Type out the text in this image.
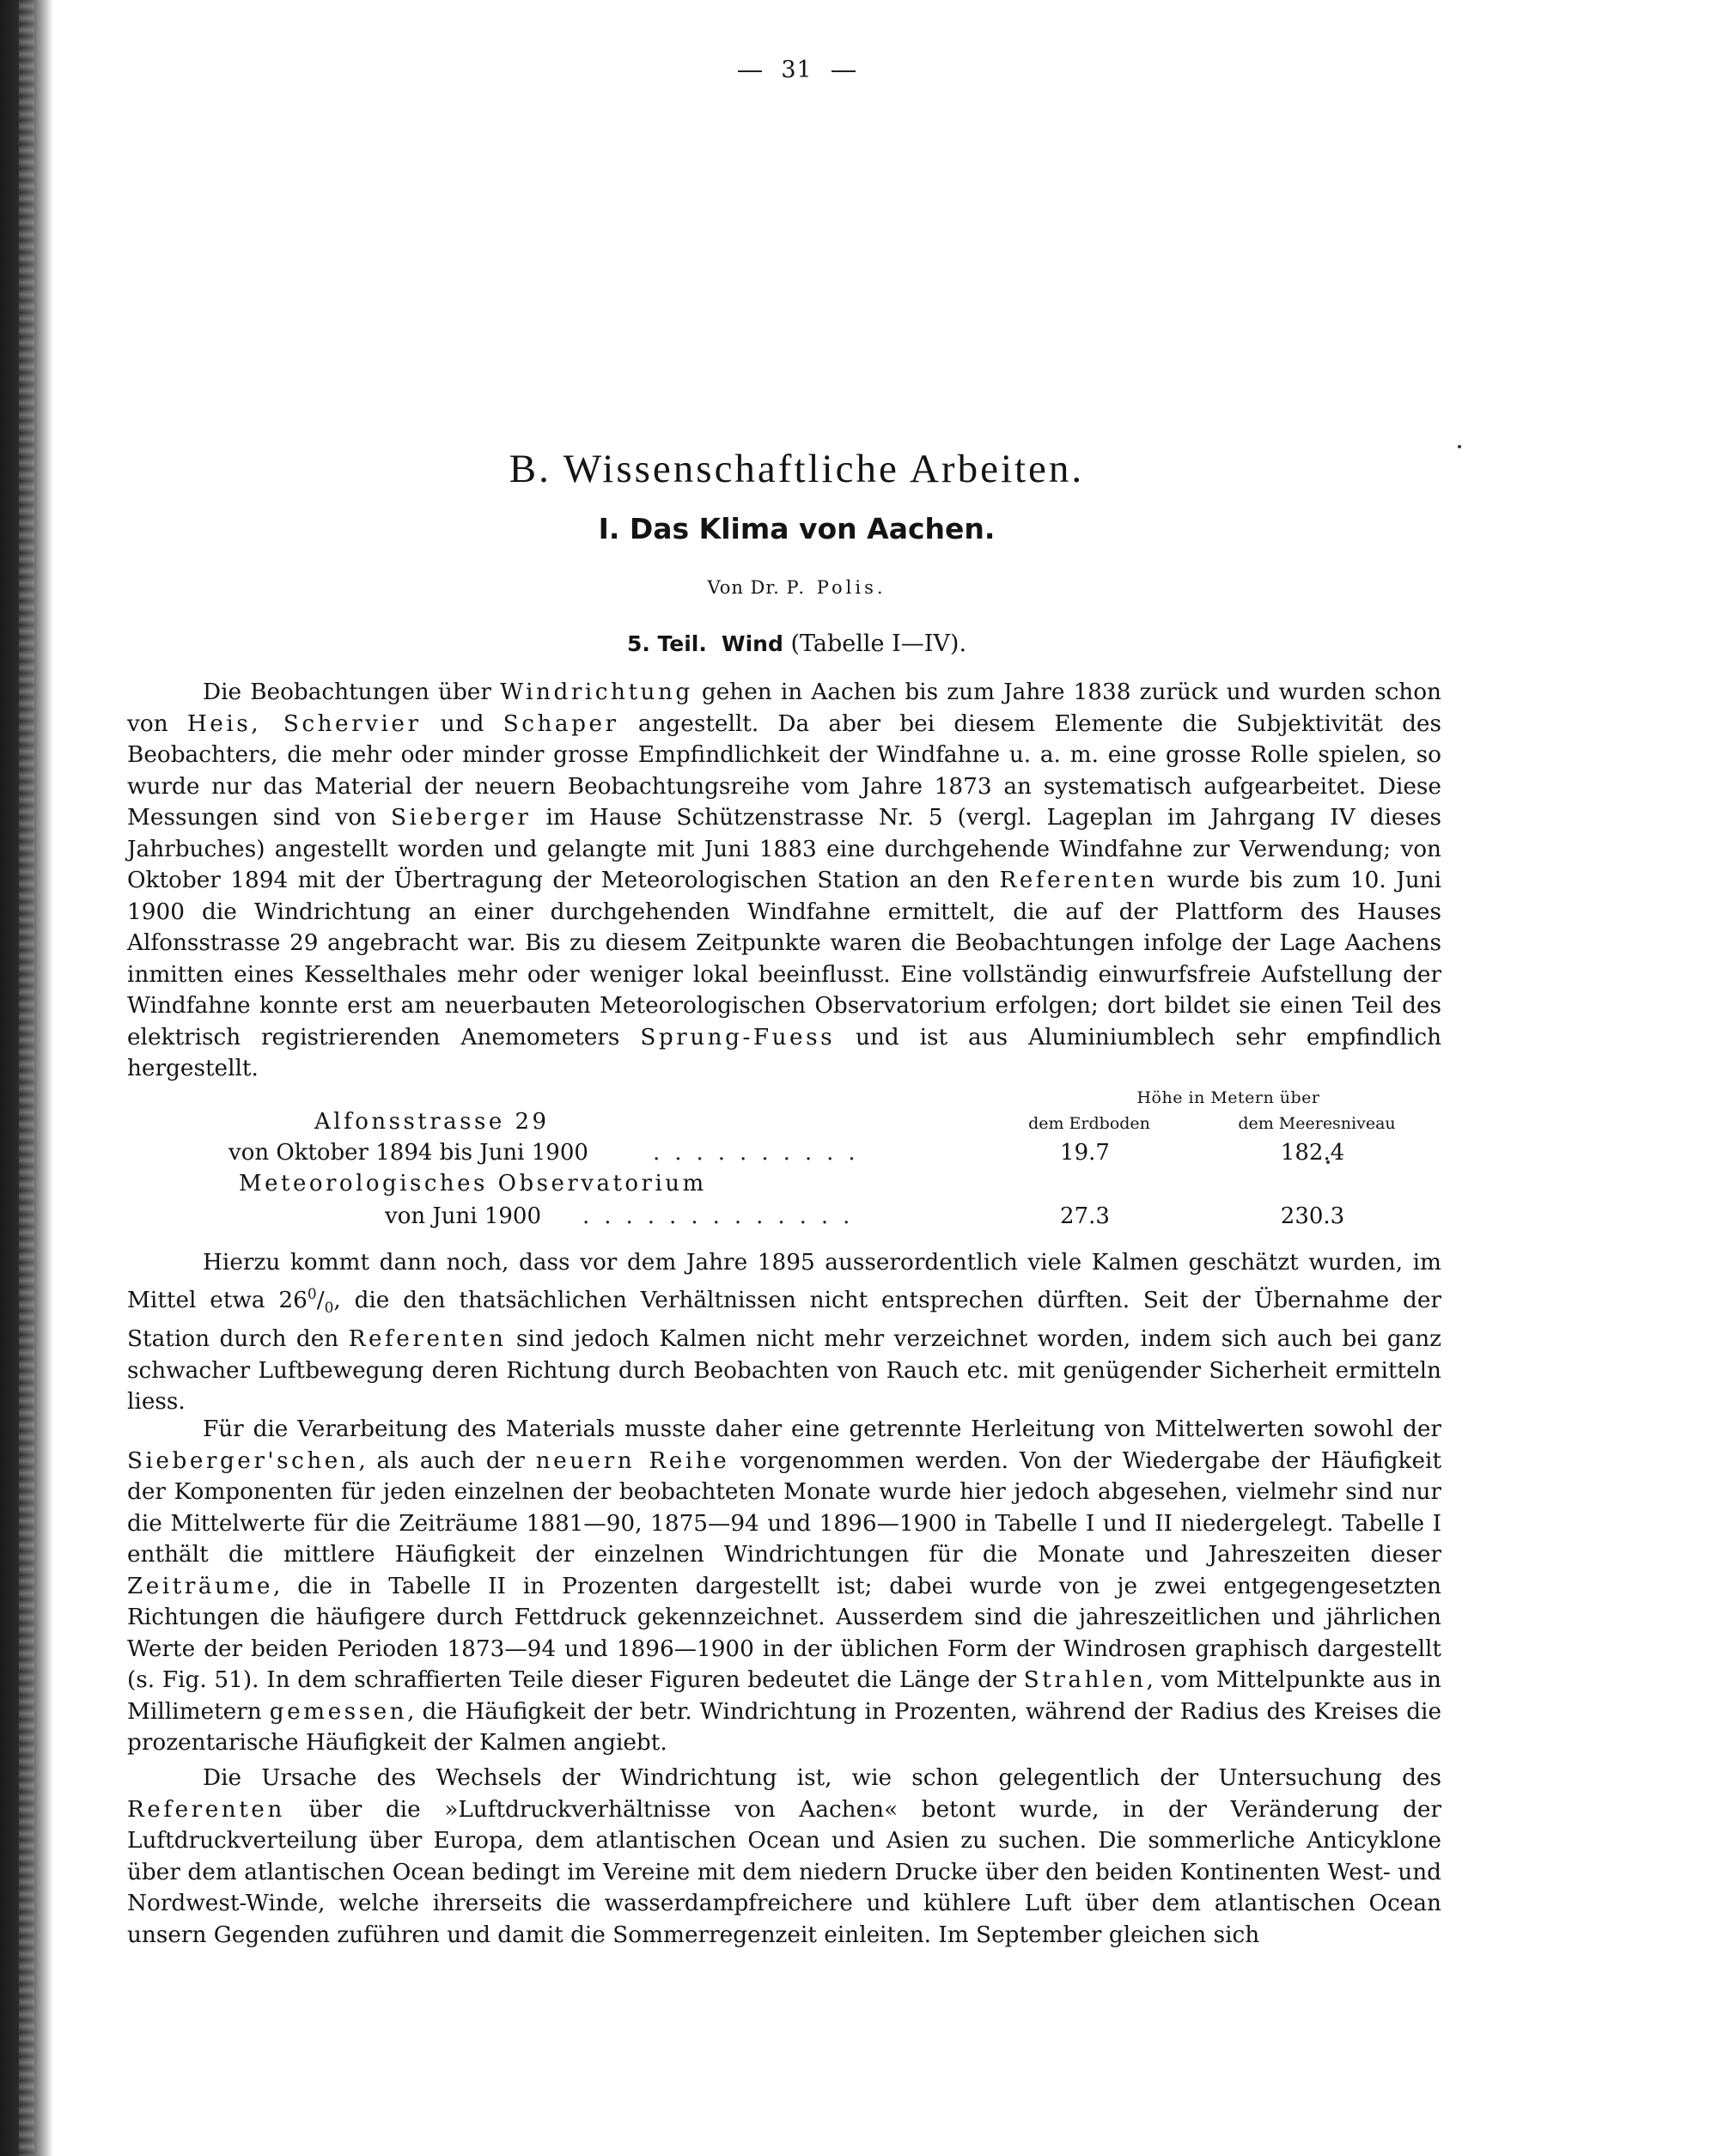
31
B. Wissenschaftliche Arbeiten.
I. Das Klima von Aachen.
Von Dr. P. Polis.
5. Teil. Wind (Tabelle I—IV).

Die Beobachtungen über Windrichtung gehen in Aachen bis zum Jahre 1838 zurück und wurden schon von Heis, Schervier und Schaper angestellt. Da aber bei diesem Elemente die Subjektivität des Beobachters, die mehr oder minder grosse Empfindlichkeit der Windfahne u. a. m. eine grosse Rolle spielen, so wurde nur das Material der neuern Beobachtungsreihe vom Jahre 1873 an systematisch aufgearbeitet. Diese Messungen sind von Sieberger im Hause Schützenstrasse Nr. 5 (vergl. Lageplan im Jahrgang IV dieses Jahrbuches) angestellt worden und gelangte mit Juni 1883 eine durchgehende Windfahne zur Verwendung; von Oktober 1894 mit der Übertragung der Meteorologischen Station an den Referenten wurde bis zum 10. Juni 1900 die Windrichtung an einer durchgehenden Windfahne ermittelt, die auf der Plattform des Hauses Alfonsstrasse 29 angebracht war. Bis zu diesem Zeitpunkte waren die Beobachtungen infolge der Lage Aachens inmitten eines Kesselthales mehr oder weniger lokal beeinflusst. Eine vollständig einwurfsfreie Aufstellung der Windfahne konnte erst am neuerbauten Meteorologischen Observatorium erfolgen; dort bildet sie einen Teil des elektrisch registrierenden Anemometers Sprung-Fuess und ist aus Aluminiumblech sehr empfindlich hergestellt.

Höhe in Metern über
dem Erdboden	dem Meeresniveau
Alfonsstrasse 29
von Oktober 1894 bis Juni 1900	..........	19.7	182.4
Meteorologisches Observatorium
von Juni 1900 .............	27.3	230.3

Hierzu kommt dann noch, dass vor dem Jahre 1895 ausserordentlich viele Kalmen geschätzt wurden, im Mittel etwa $26^0/_0$, die den thatsächlichen Verhältnissen nicht entsprechen dürften. Seit der Übernahme der Station durch den Referenten sind jedoch Kalmen nicht mehr verzeichnet worden, indem sich auch bei ganz schwacher Luftbewegung deren Richtung durch Beobachten von Rauch etc. mit genügender Sicherheit ermitteln liess.

Für die Verarbeitung des Materials musste daher eine getrennte Herleitung von Mittelwerten sowohl der Sieberger'schen, als auch der neuern Reihe vorgenommen werden. Von der Wiedergabe der Häufigkeit der Komponenten für jeden einzelnen der beobachteten Monate wurde hier jedoch abgesehen, vielmehr sind nur die Mittelwerte für die Zeiträume 1881—90, 1875—94 und 1896—1900 in Tabelle I und II niedergelegt. Tabelle I enthält die mittlere Häufigkeit der einzelnen Windrichtungen für die Monate und Jahreszeiten dieser Zeiträume, die in Tabelle II in Prozenten dargestellt ist; dabei wurde von je zwei entgegengesetzten Richtungen die häufigere durch Fettdruck gekennzeichnet. Ausserdem sind die jahreszeitlichen und jährlichen Werte der beiden Perioden 1873—94 und 1896—1900 in der üblichen Form der Windrosen graphisch dargestellt (s. Fig. 51). In dem schraffierten Teile dieser Figuren bedeutet die Länge der Strahlen, vom Mittelpunkte aus in Millimetern gemessen, die Häufigkeit der betr. Windrichtung in Prozenten, während der Radius des Kreises die prozentarische Häufigkeit der Kalmen angiebt.

Die Ursache des Wechsels der Windrichtung ist, wie schon gelegentlich der Untersuchung des Referenten über die »Luftdruckverhältnisse von Aachen« betont wurde, in der Veränderung der Luftdruckverteilung über Europa, dem atlantischen Ocean und Asien zu suchen. Die sommerliche Anticyklone über dem atlantischen Ocean bedingt im Vereine mit dem niedern Drucke über den beiden Kontinenten West- und Nordwest-Winde, welche ihrerseits die wasserdampfreichere und kühlere Luft über dem atlantischen Ocean unsern Gegenden zuführen und damit die Sommerregenzeit einleiten. Im September gleichen sich
